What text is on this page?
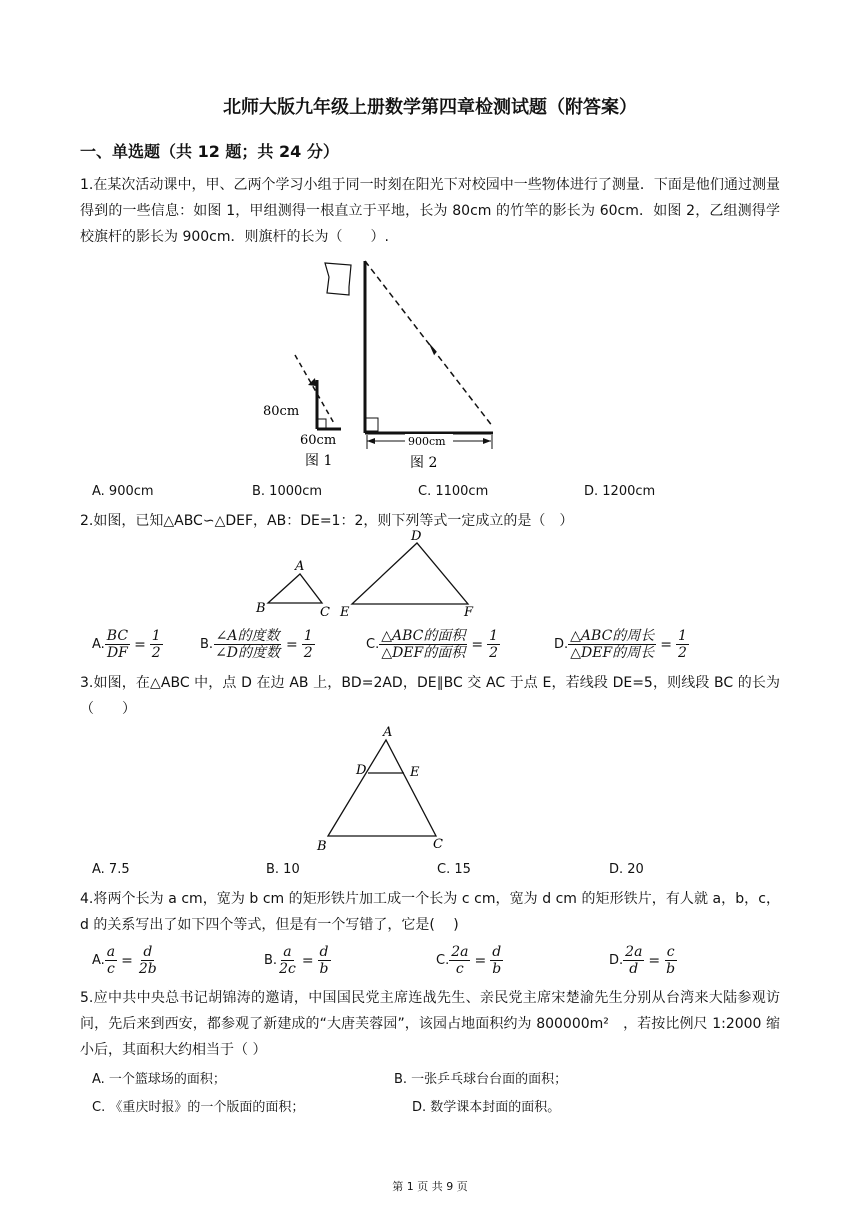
北师大版九年级上册数学第四章检测试题（附答案）
一、单选题（共 12 题；共 24 分）
1.在某次活动课中，甲、乙两个学习小组于同一时刻在阳光下对校园中一些物体进行了测量．下面是他们通过测量得到的一些信息：如图 1，甲组测得一根直立于平地，长为 80cm 的竹竿的影长为 60cm．如图 2，乙组测得学校旗杆的影长为 900cm．则旗杆的长为（　　）.
80cm
60cm
图 1
900cm
图 2
A. 900cm	B. 1000cm	C. 1100cm	D. 1200cm
2.如图，已知△ABC∽△DEF，AB：DE=1：2，则下列等式一定成立的是（　）
A
B	C
D
E	F
A. $\frac{BC}{DF} = \frac{1}{2}$	B. $\frac{\text{∠A的度数}}{\text{∠D的度数}} = \frac{1}{2}$	C. $\frac{\text{△ABC的面积}}{\text{△DEF的面积}} = \frac{1}{2}$	D. $\frac{\text{△ABC的周长}}{\text{△DEF的周长}} = \frac{1}{2}$
3.如图，在△ABC 中，点 D 在边 AB 上，BD=2AD，DE∥BC 交 AC 于点 E，若线段 DE=5，则线段 BC 的长为（　　）
A
D	E
B	C
A. 7.5	B. 10	C. 15	D. 20
4.将两个长为 a cm，宽为 b cm 的矩形铁片加工成一个长为 c cm，宽为 d cm 的矩形铁片，有人就 a，b，c，d 的关系写出了如下四个等式，但是有一个写错了，它是(　 )
A. $\frac{a}{c} = \frac{d}{2b}$	B. $\frac{a}{2c} = \frac{d}{b}$	C. $\frac{2a}{c} = \frac{d}{b}$	D. $\frac{2a}{d} = \frac{c}{b}$
5.应中共中央总书记胡锦涛的邀请，中国国民党主席连战先生、亲民党主席宋楚渝先生分别从台湾来大陆参观访问，先后来到西安，都参观了新建成的“大唐芙蓉园”，该园占地面积约为 800000m²　，若按比例尺 1:2000 缩小后，其面积大约相当于（ ）
A. 一个篮球场的面积；	B. 一张乒乓球台台面的面积；
C. 《重庆时报》的一个版面的面积；	D. 数学课本封面的面积。
第 1 页 共 9 页
